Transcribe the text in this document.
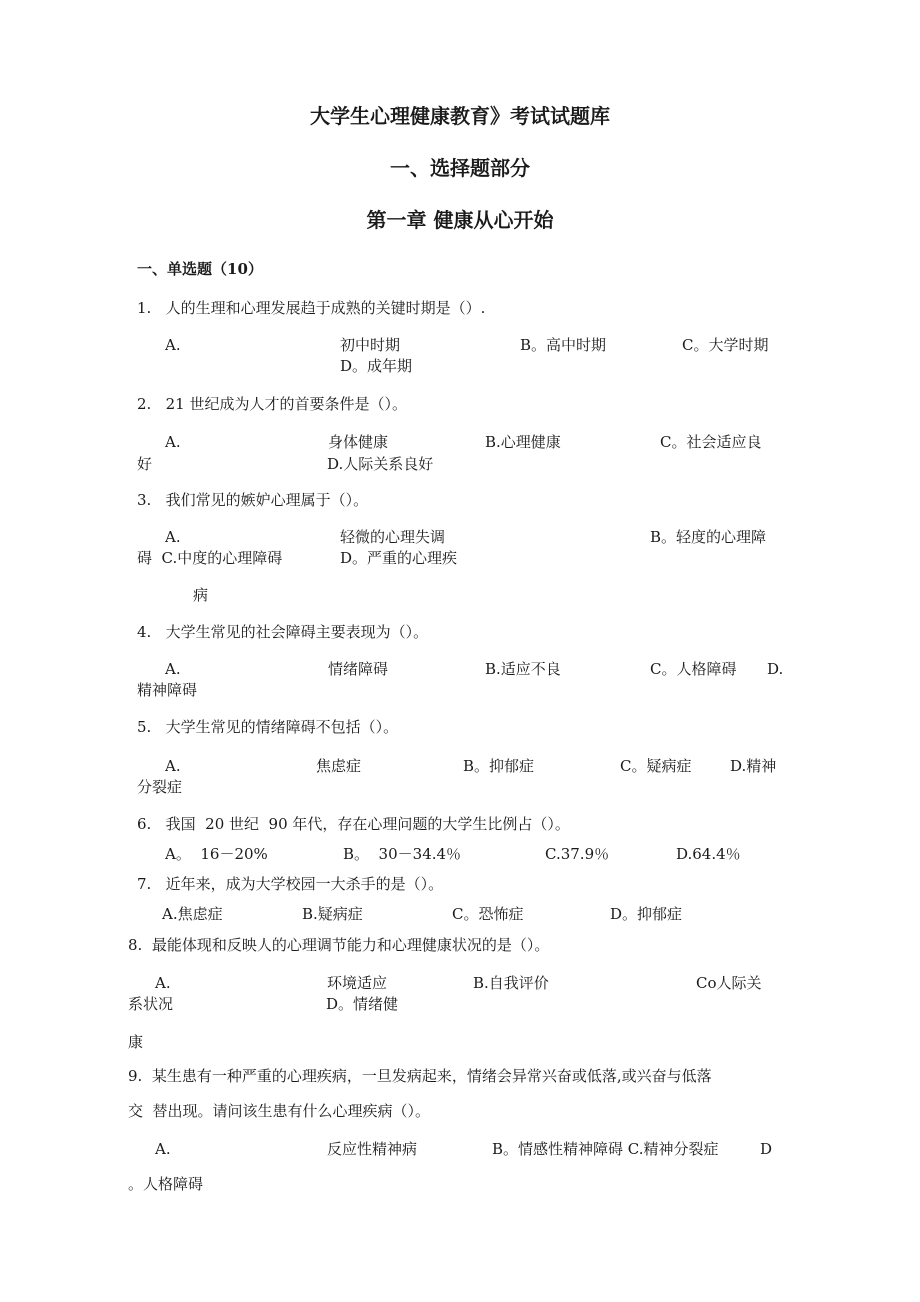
大学生心理健康教育》考试试题库
一、选择题部分
第一章 健康从心开始
一、单选题（10）
1.   人的生理和心理发展趋于成熟的关键时期是（）.
A.	初中时期	B。高中时期	C。大学时期
D。成年期
2.   21 世纪成为人才的首要条件是（）。
A.	身体健康	B.心理健康	C。社会适应良
好	D.人际关系良好
3.   我们常见的嫉妒心理属于（）。
A.	轻微的心理失调	B。轻度的心理障
碍  C.中度的心理障碍	D。严重的心理疾
病
4.   大学生常见的社会障碍主要表现为（）。
A.	情绪障碍	B.适应不良	C。人格障碍 D.
精神障碍
5.   大学生常见的情绪障碍不包括（）。
A.	焦虑症	B。抑郁症	C。疑病症	D.精神
分裂症
6.   我国  20 世纪  90 年代，存在心理问题的大学生比例占（）。
A。  16－20%	B。  30－34.4％	C.37.9％	D.64.4％
7.   近年来，成为大学校园一大杀手的是（）。
A.焦虑症	B.疑病症	C。恐怖症	D。抑郁症
8.  最能体现和反映人的心理调节能力和心理健康状况的是（）。
A.	环境适应	B.自我评价	Co人际关
系状况	D。情绪健
康
9.  某生患有一种严重的心理疾病，一旦发病起来，情绪会异常兴奋或低落,或兴奋与低落
交  替出现。请问该生患有什么心理疾病（）。
A.	反应性精神病	B。情感性精神障碍 C.精神分裂症	D
。人格障碍
